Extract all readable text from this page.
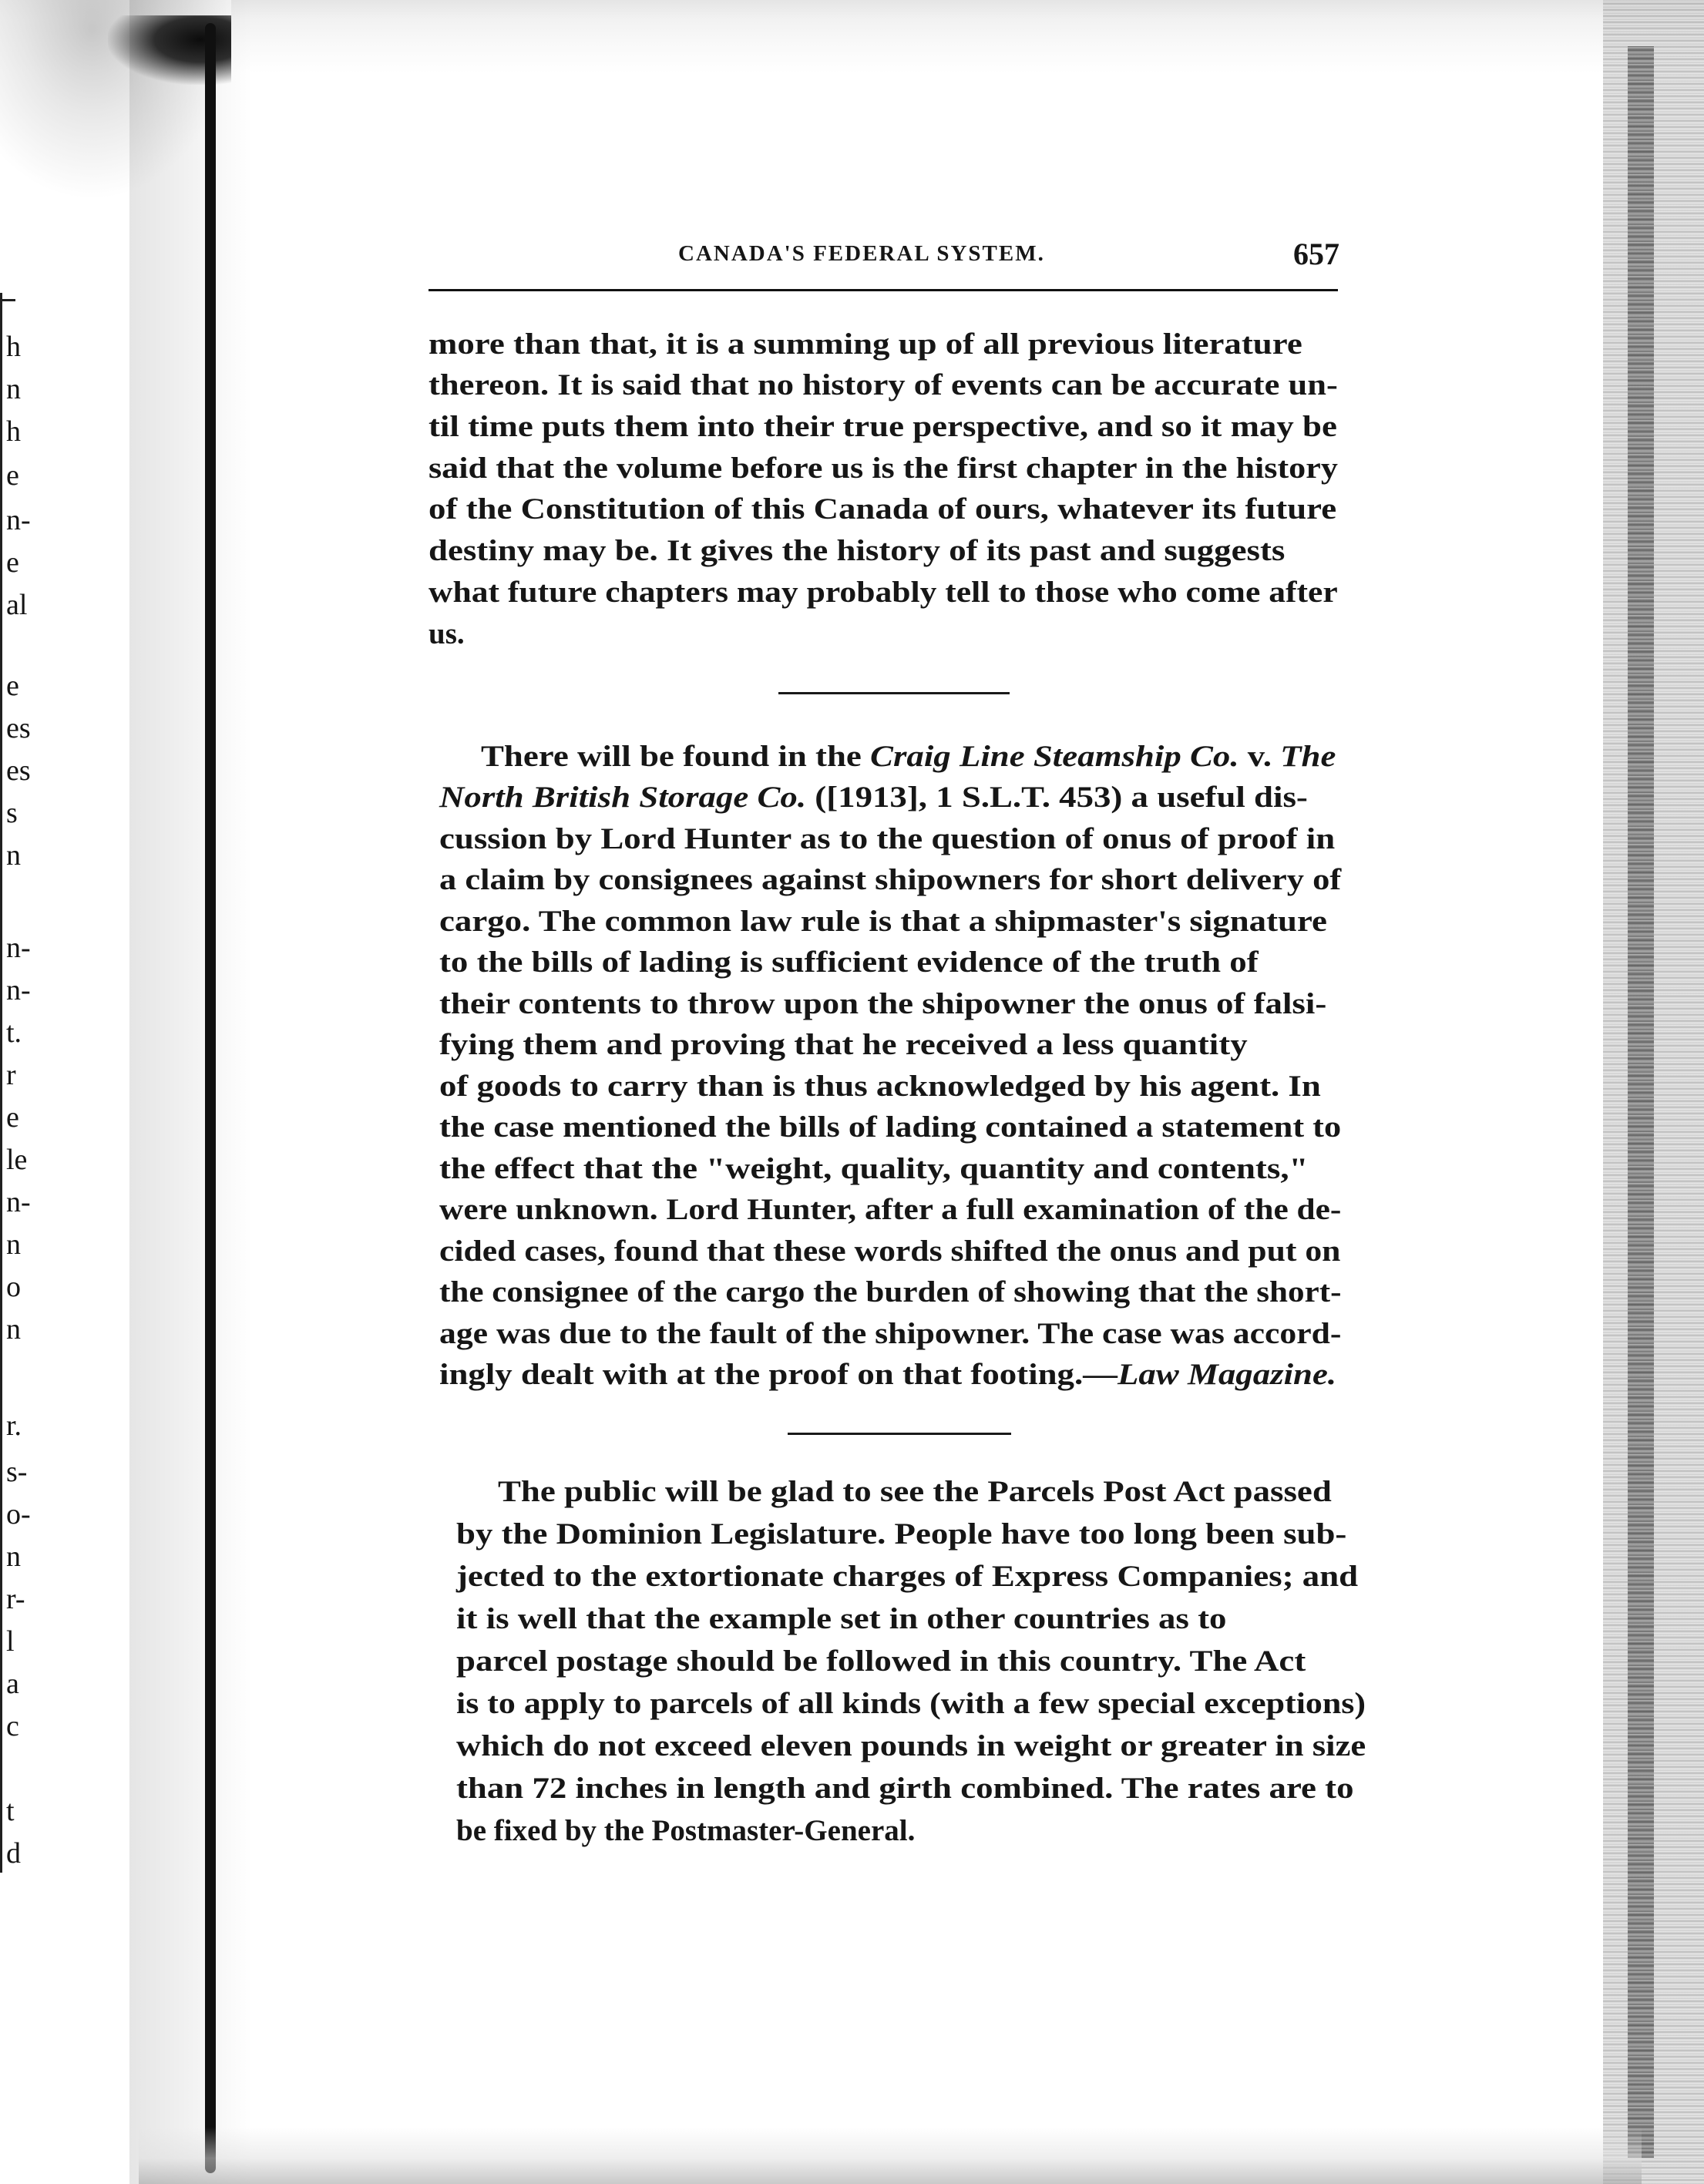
h
n
h
e
n-
e
al
e
es
es
s
n
n-
n-
t.
r
e
le
n-
n
o
n
r.
s-
o-
n
r-
l
a
c
t
d
CANADA'S FEDERAL SYSTEM.	657
more than that, it is a summing up of all previous literature
thereon. It is said that no history of events can be accurate un-
til time puts them into their true perspective, and so it may be
said that the volume before us is the first chapter in the history
of the Constitution of this Canada of ours, whatever its future
destiny may be. It gives the history of its past and suggests
what future chapters may probably tell to those who come after
us.
There will be found in the Craig Line Steamship Co. v. The
North British Storage Co. ([1913], 1 S.L.T. 453) a useful dis-
cussion by Lord Hunter as to the question of onus of proof in
a claim by consignees against shipowners for short delivery of
cargo. The common law rule is that a shipmaster's signature
to the bills of lading is sufficient evidence of the truth of
their contents to throw upon the shipowner the onus of falsi-
fying them and proving that he received a less quantity
of goods to carry than is thus acknowledged by his agent. In
the case mentioned the bills of lading contained a statement to
the effect that the "weight, quality, quantity and contents,"
were unknown. Lord Hunter, after a full examination of the de-
cided cases, found that these words shifted the onus and put on
the consignee of the cargo the burden of showing that the short-
age was due to the fault of the shipowner. The case was accord-
ingly dealt with at the proof on that footing.—Law Magazine.
The public will be glad to see the Parcels Post Act passed
by the Dominion Legislature. People have too long been sub-
jected to the extortionate charges of Express Companies; and
it is well that the example set in other countries as to
parcel postage should be followed in this country. The Act
is to apply to parcels of all kinds (with a few special exceptions)
which do not exceed eleven pounds in weight or greater in size
than 72 inches in length and girth combined. The rates are to
be fixed by the Postmaster-General.
